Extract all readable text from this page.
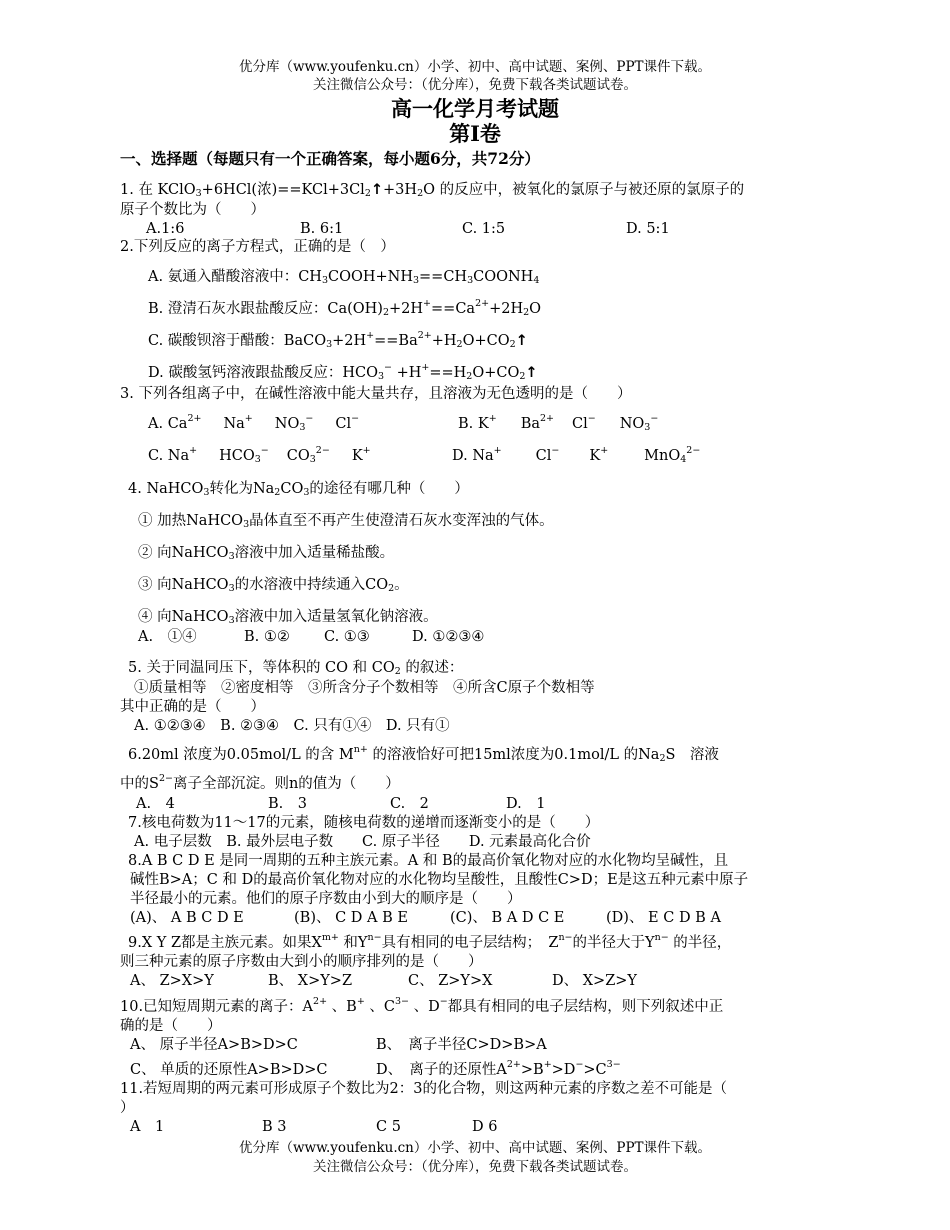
优分库（www.youfenku.cn）小学、初中、高中试题、案例、PPT课件下载。
关注微信公众号：（优分库），免费下载各类试题试卷。
高一化学月考试题
第Ⅰ卷
一、选择题（每题只有一个正确答案，每小题6分，共72分）
1. 在 KClO$_3$+6HCl(浓)$==KCl+3Cl_2↑+3H_2O$ 的反应中，被氧化的氯原子与被还原的氯原子的
原子个数比为（　　）
A.1:6	B. 6:1	C. 1:5	D. 5:1
2.下列反应的离子方程式，正确的是（　）
A. 氨通入醋酸溶液中：$CH_3COOH+NH_3==CH_3COONH_4$
B. 澄清石灰水跟盐酸反应：$Ca(OH)_2+2H^+==Ca^{2+}+2H_2O$
C. 碳酸钡溶于醋酸：$BaCO_3+2H^+==Ba^{2+}+H_2O+CO_2↑$
D. 碳酸氢钙溶液跟盐酸反应：$HCO_3^-$ $+H^+==H_2O+CO_2↑$
3. 下列各组离子中，在碱性溶液中能大量共存，且溶液为无色透明的是（　　）
A. $Ca^{2+}$ Na+ $NO_3^-$ Cl−	B. K+ $Ba^{2+}$ Cl− $NO_3^-$
C. Na+ $HCO_3^-$ $CO_3^{2-}$ K+	D. Na+ Cl− K+ MnO$_4^{2-}$
4. NaHCO$_3$转化为$Na_2CO_3$的途径有哪几种（　　）
① 加热NaHCO$_3$晶体直至不再产生使澄清石灰水变浑浊的气体。
② 向NaHCO$_3$溶液中加入适量稀盐酸。
③ 向NaHCO$_3$的水溶液中持续通入$CO_2$。
④ 向NaHCO$_3$溶液中加入适量氢氧化钠溶液。
A.　①④	B. ①② C. ①③	D. ①②③④
5. 关于同温同压下，等体积的 CO 和 $CO_2$ 的叙述：
①质量相等　②密度相等　③所含分子个数相等　④所含C原子个数相等
其中正确的是（　　）
A. ①②③④　B. ②③④　C. 只有①④　D. 只有①
6.20ml 浓度为0.05mol/L 的含 $M^{n+}$ 的溶液恰好可把15ml浓度为0.1mol/L 的$Na_2S$　溶液
中的$S^{2-}$离子全部沉淀。则n的值为（　　）
A.　4	B.　3	C.　2	D.　1
7.核电荷数为11～17的元素，随核电荷数的递增而逐渐变小的是（　　）
A. 电子层数　B. 最外层电子数　　C. 原子半径　　D. 元素最高化合价
8.A B C D E 是同一周期的五种主族元素。A 和 B的最高价氧化物对应的水化物均呈碱性，且
碱性B>A；C 和 D的最高价氧化物对应的水化物均呈酸性，且酸性C>D；E是这五种元素中原子
半径最小的元素。他们的原子序数由小到大的顺序是（　　）
(A)、 A B C D E	(B)、 C D A B E	(C)、 B A D C E	(D)、 E C D B A
9.X Y Z都是主族元素。如果$X^{m+}$ 和$Y^{n-}$具有相同的电子层结构；　$Z^{n-}$的半径大于$Y^{n-}$ 的半径，
则三种元素的原子序数由大到小的顺序排列的是（　　）
A、 Z>X>Y	B、 X>Y>Z	C、 Z>Y>X	D、 X>Z>Y
10.已知短周期元素的离子：$A^{2+}$ 、B+ 、$C^{3-}$ 、D−都具有相同的电子层结构，则下列叙述中正
确的是（　　）
A、 原子半径A>B>D>C	B、　离子半径C>D>B>A
C、 单质的还原性A>B>D>C	D、　离子的还原性$A^{2+}>B^+>D^->C^{3-}$
11.若短周期的两元素可形成原子个数比为2：3的化合物，则这两种元素的序数之差不可能是（
）
A　1	B 3	C 5	D 6
优分库（www.youfenku.cn）小学、初中、高中试题、案例、PPT课件下载。
关注微信公众号：（优分库），免费下载各类试题试卷。
